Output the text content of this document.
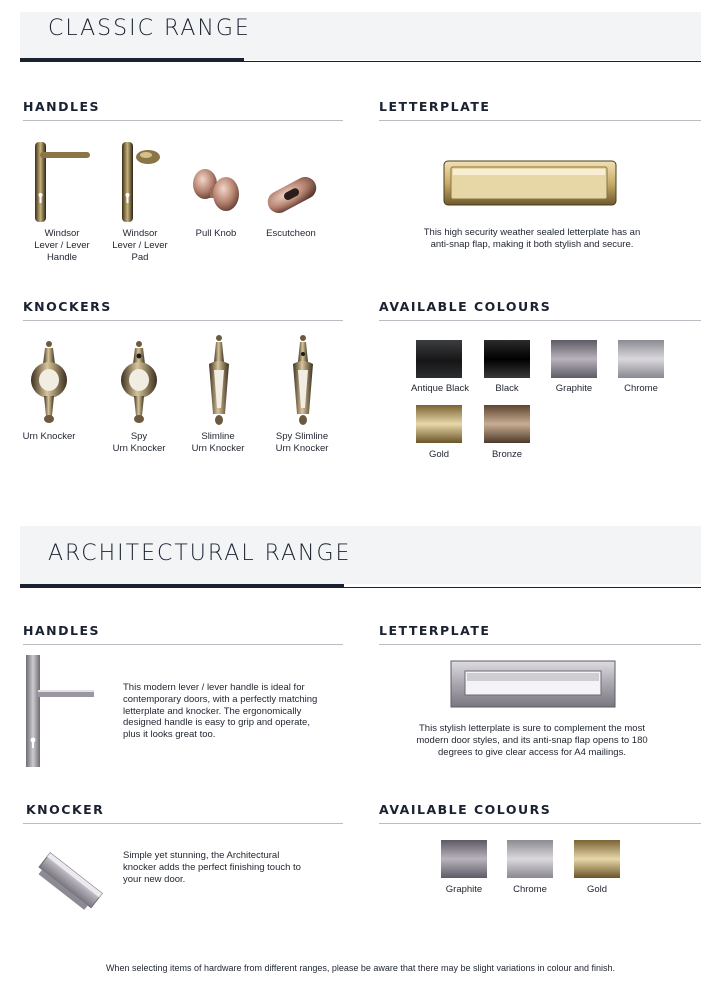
CLASSIC RANGE
HANDLES
Windsor
Lever / Lever
Handle
Windsor
Lever / Lever
Pad
Pull Knob	Escutcheon
LETTERPLATE
This high security weather sealed letterplate has an anti-snap flap, making it both stylish and secure.
KNOCKERS
Urn Knocker	Spy
Urn Knocker
Slimline
Urn Knocker
Spy Slimline
Urn Knocker
AVAILABLE COLOURS
Antique Black	Black	Graphite	Chrome
Gold	Bronze
ARCHITECTURAL RANGE
HANDLES
This modern lever / lever handle is ideal for contemporary doors, with a perfectly matching letterplate and knocker. The ergonomically designed handle is easy to grip and operate, plus it looks great too.
LETTERPLATE
This stylish letterplate is sure to complement the most modern door styles, and its anti-snap flap opens to 180 degrees to give clear access for A4 mailings.
KNOCKER
Simple yet stunning, the Architectural knocker adds the perfect finishing touch to your new door.
AVAILABLE COLOURS
Graphite	Chrome	Gold
When selecting items of hardware from different ranges, please be aware that there may be slight variations in colour and finish.
